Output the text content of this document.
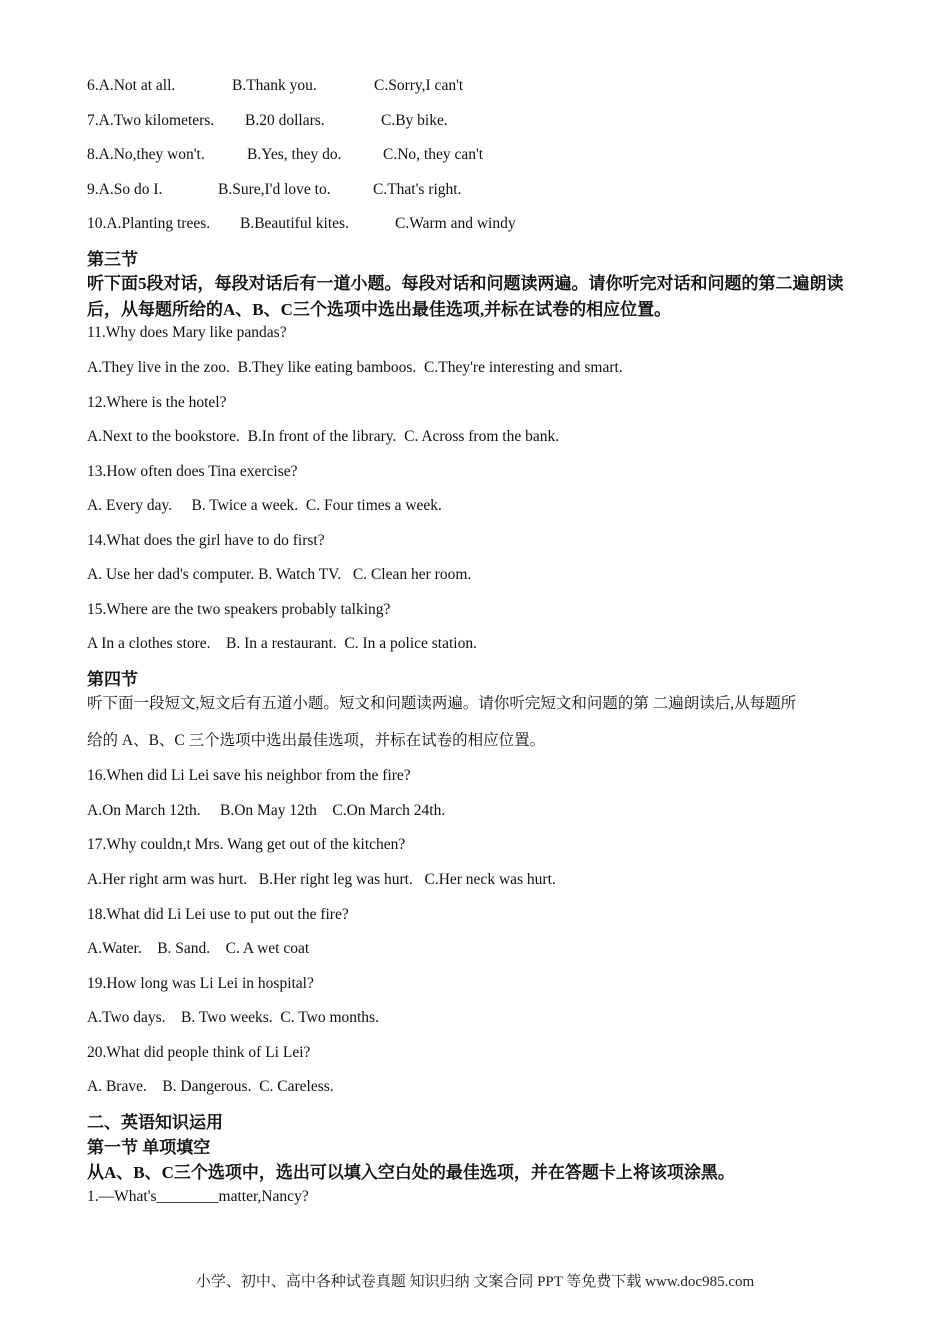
6.A.Not at all.	B.Thank you.	C.Sorry,I can't
7.A.Two kilometers. B.20 dollars.	C.By bike.
8.A.No,they won't.	B.Yes, they do.	C.No, they can't
9.A.So do I.	B.Sure,I'd love to.	C.That's right.
10.A.Planting trees. B.Beautiful kites.	C.Warm and windy
第三节
听下面5段对话，每段对话后有一道小题。每段对话和问题读两遍。请你听完对话和问题的第二遍朗读后，从每题所给的A、B、C三个选项中选出最佳选项,并标在试卷的相应位置。
11.Why does Mary like pandas?
A.They live in the zoo.  B.They like eating bamboos.  C.They're interesting and smart.
12.Where is the hotel?
A.Next to the bookstore.  B.In front of the library.  C. Across from the bank.
13.How often does Tina exercise?
A. Every day.     B. Twice a week.  C. Four times a week.
14.What does the girl have to do first?
A. Use her dad's computer. B. Watch TV.   C. Clean her room.
15.Where are the two speakers probably talking?
A In a clothes store.    B. In a restaurant.  C. In a police station.
第四节
听下面一段短文,短文后有五道小题。短文和问题读两遍。请你听完短文和问题的第 二遍朗读后,从每题所
给的 A、B、C 三个选项中选出最佳选项，并标在试卷的相应位置。
16.When did Li Lei save his neighbor from the fire?
A.On March 12th.     B.On May 12th    C.On March 24th.
17.Why couldn,t Mrs. Wang get out of the kitchen?
A.Her right arm was hurt.   B.Her right leg was hurt.   C.Her neck was hurt.
18.What did Li Lei use to put out the fire?
A.Water.    B. Sand.    C. A wet coat
19.How long was Li Lei in hospital?
A.Two days.    B. Two weeks.  C. Two months.
20.What did people think of Li Lei?
A. Brave.    B. Dangerous.  C. Careless.
二、英语知识运用
第一节 单项填空
从A、B、C三个选项中，选出可以填入空白处的最佳选项，并在答题卡上将该项涂黑。
1.—What's________matter,Nancy?
小学、初中、高中各种试卷真题 知识归纳 文案合同 PPT 等免费下载 www.doc985.com
